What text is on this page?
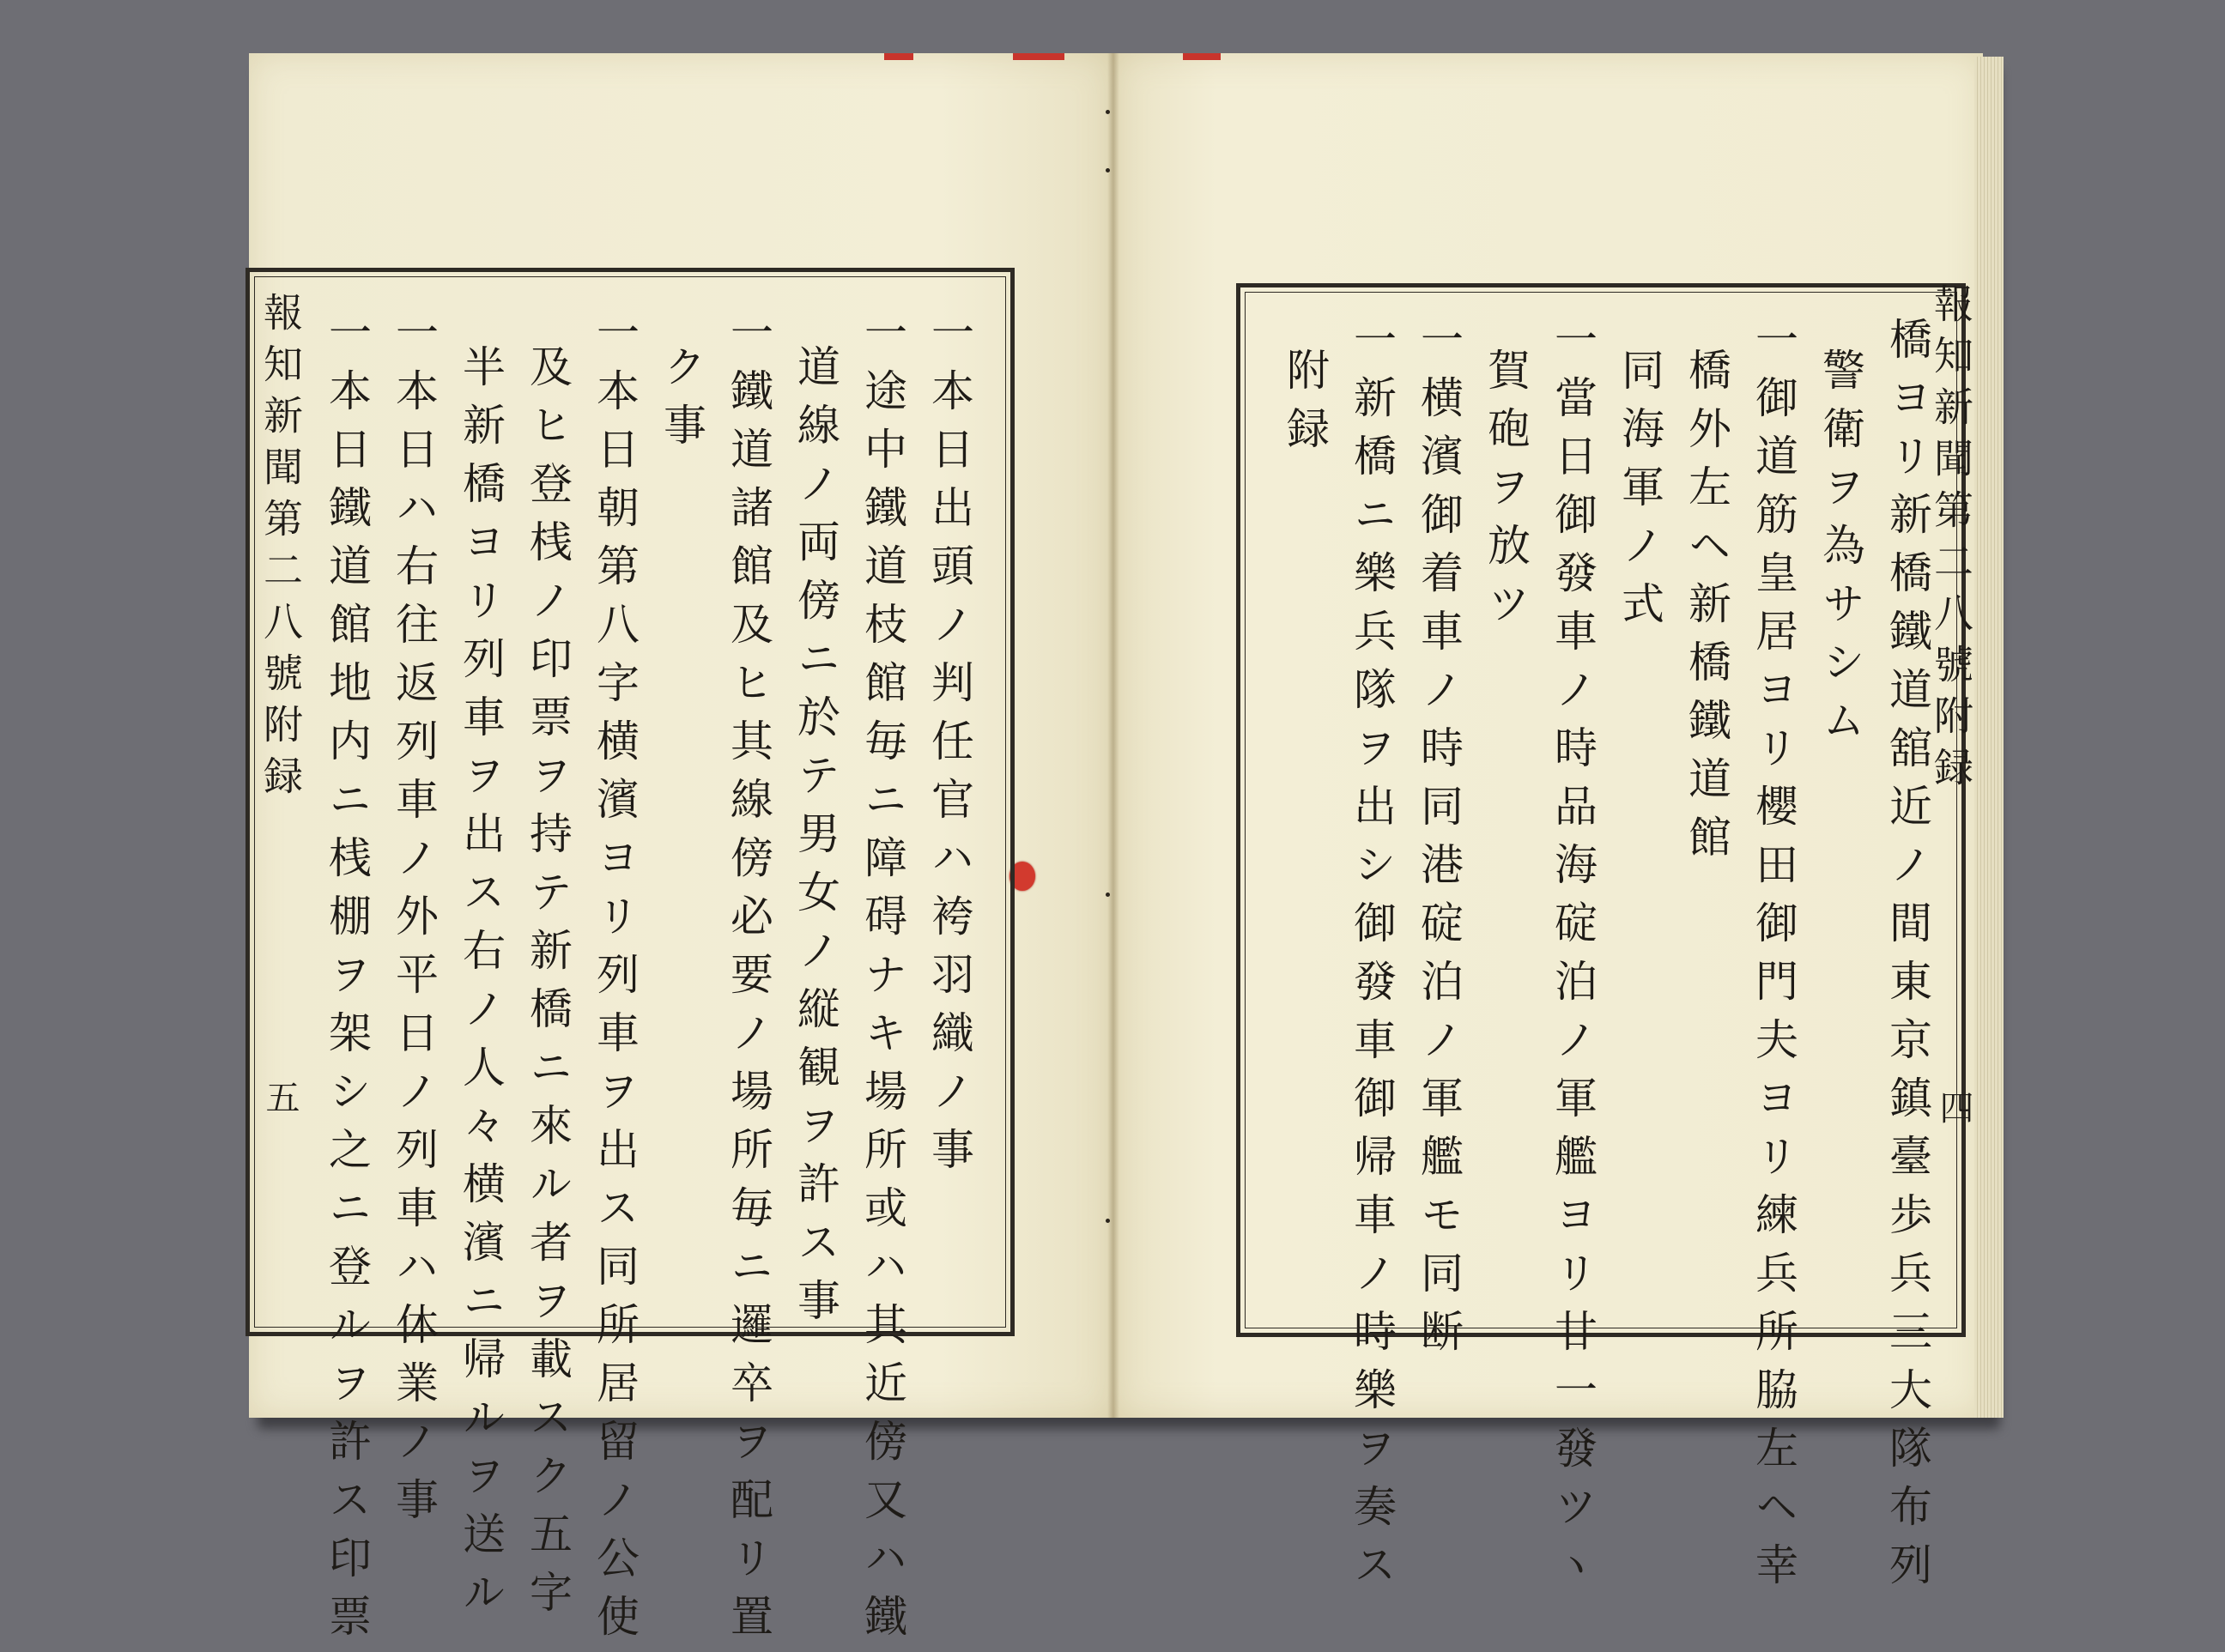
一本日出頭ノ判任官ハ袴羽織ノ事
一途中鐵道枝館毎ニ障碍ナキ場所或ハ其近傍又ハ鐵
道線ノ両傍ニ於テ男女ノ縦観ヲ許ス事
一鐵道諸館及ヒ其線傍必要ノ場所毎ニ邏卒ヲ配リ置
ク事
一本日朝第八字横濱ヨリ列車ヲ出ス同所居留ノ公使
及ヒ登桟ノ印票ヲ持テ新橋ニ來ル者ヲ載スク五字
半新橋ヨリ列車ヲ出ス右ノ人々横濱ニ帰ルヲ送ル
一本日ハ右往返列車ノ外平日ノ列車ハ休業ノ事
一本日鐵道館地内ニ桟棚ヲ架シ之ニ登ルヲ許ス印票
報知新聞第二八號附録
五	橋ヨリ新橋鐵道舘近ノ間東京鎮臺歩兵三大隊布列
警衛ヲ為サシム
一御道筋皇居ヨリ櫻田御門夫ヨリ練兵所脇左ヘ幸
橋外左ヘ新橋鐵道館
同海軍ノ式
一當日御發車ノ時品海碇泊ノ軍艦ヨリ廿一發ツヽ
賀砲ヲ放ツ
一横濱御着車ノ時同港碇泊ノ軍艦モ同断
一新橋ニ樂兵隊ヲ出シ御發車御帰車ノ時樂ヲ奏ス
附録	報知新聞第二八號附録
四
